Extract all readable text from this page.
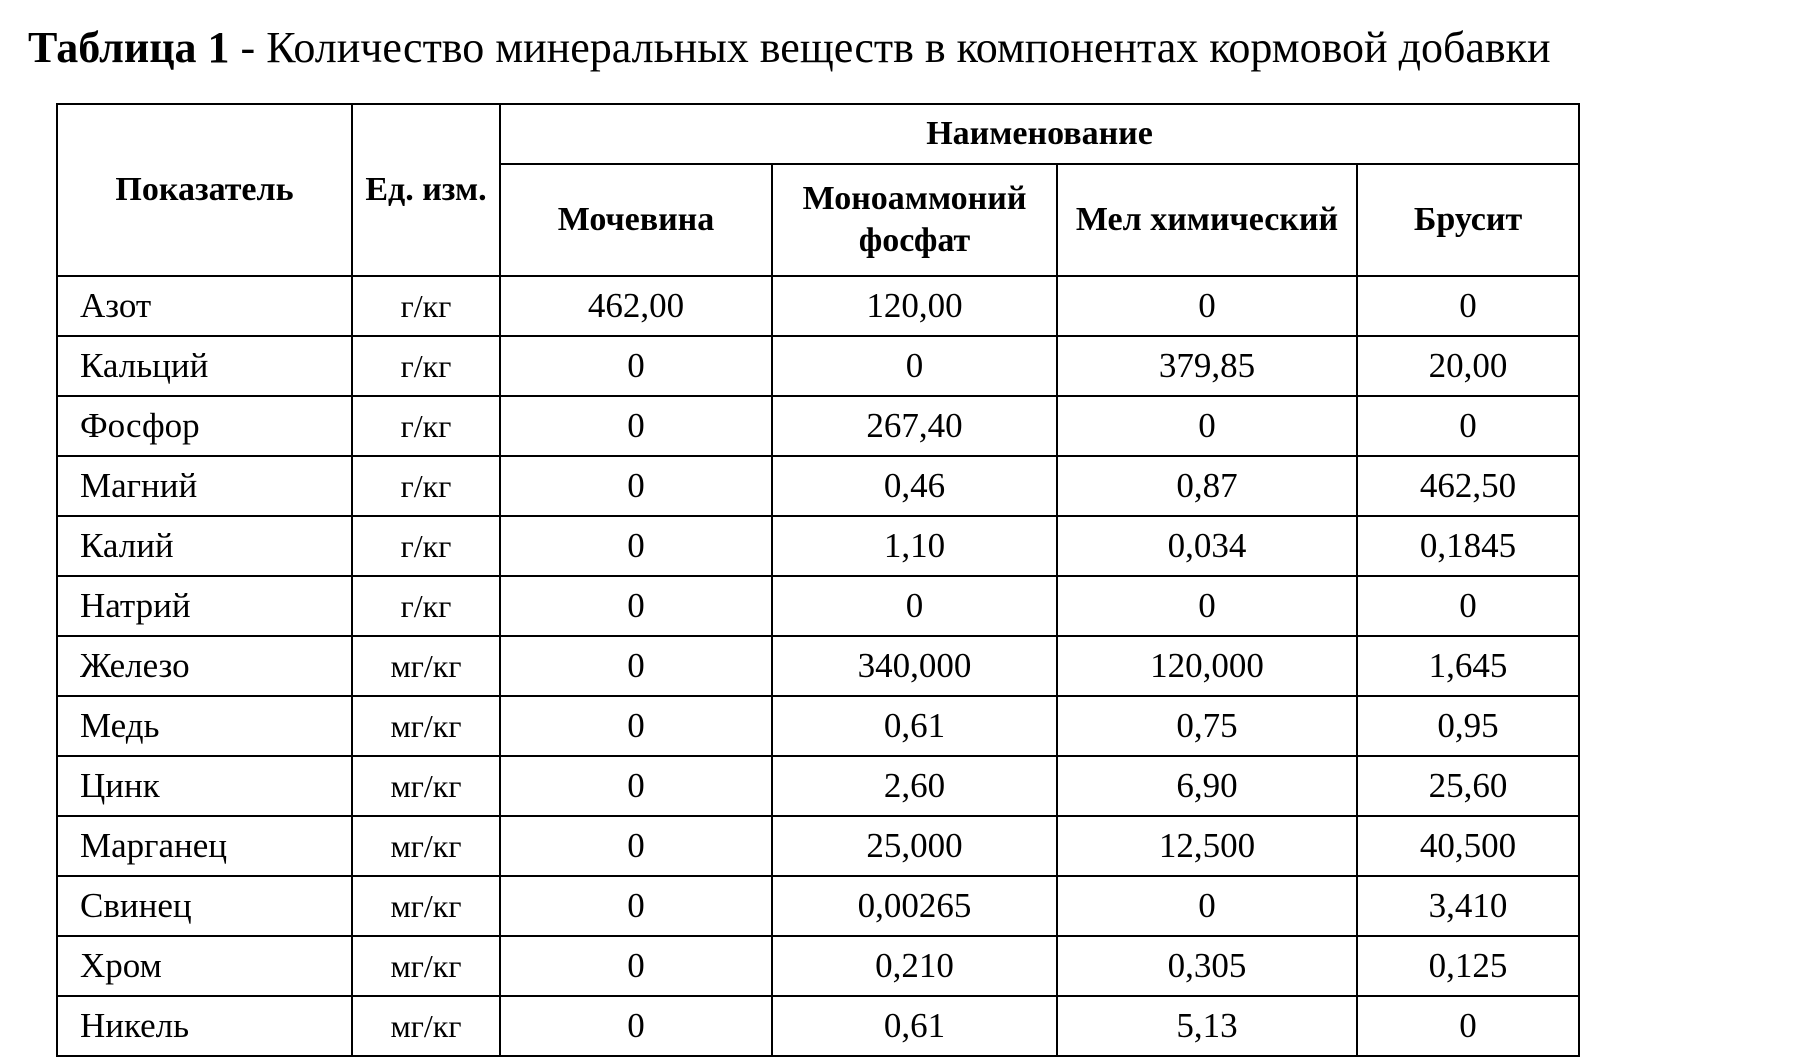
Таблица 1 - Количество минеральных веществ в компонентах кормовой добавки
Показатель	Ед. изм.	Наименование			
		Мочевина	Моноаммоний фосфат	Мел химический	Брусит
Азот	г/кг	462,00	120,00	0	0
Кальций	г/кг	0	0	379,85	20,00
Фосфор	г/кг	0	267,40	0	0
Магний	г/кг	0	0,46	0,87	462,50
Калий	г/кг	0	1,10	0,034	0,1845
Натрий	г/кг	0	0	0	0
Железо	мг/кг	0	340,000	120,000	1,645
Медь	мг/кг	0	0,61	0,75	0,95
Цинк	мг/кг	0	2,60	6,90	25,60
Марганец	мг/кг	0	25,000	12,500	40,500
Свинец	мг/кг	0	0,00265	0	3,410
Хром	мг/кг	0	0,210	0,305	0,125
Никель	мг/кг	0	0,61	5,13	0
